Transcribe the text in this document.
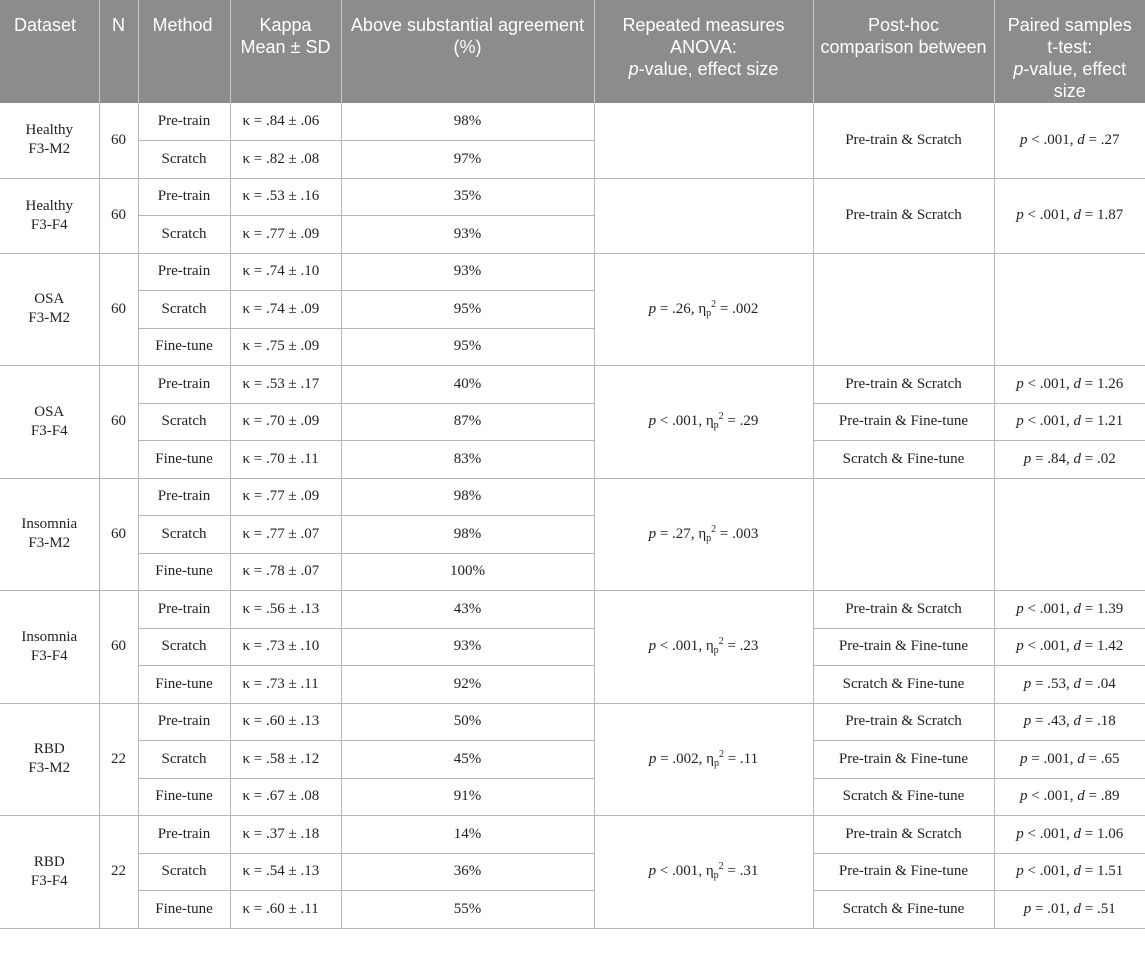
Dataset	N	Method	Kappa Mean ± SD	Above substantial agreement (%)	Repeated measures ANOVA:
p-value, effect size	Post-hoc comparison between	Paired samples t-test:
p-value, effect size
Healthy
F3-M2	60	Pre-train	κ = .84 ± .06	98%		Pre-train & Scratch	p < .001, d = .27
		Scratch	κ = .82 ± .08	97%			
Healthy
F3-F4	60	Pre-train	κ = .53 ± .16	35%		Pre-train & Scratch	p < .001, d = 1.87
		Scratch	κ = .77 ± .09	93%			
OSA
F3-M2	60	Pre-train	κ = .74 ± .10	93%	p = .26, $\eta_p^2 = .002$		
		Scratch	κ = .74 ± .09	95%			
		Fine-tune	κ = .75 ± .09	95%			
OSA
F3-F4	60	Pre-train	κ = .53 ± .17	40%	p < .001, $\eta_p^2 = .29$	Pre-train & Scratch	p < .001, d = 1.26
		Scratch	κ = .70 ± .09	87%		Pre-train & Fine-tune	p < .001, d = 1.21
		Fine-tune	κ = .70 ± .11	83%		Scratch & Fine-tune	p = .84, d = .02
Insomnia
F3-M2	60	Pre-train	κ = .77 ± .09	98%	p = .27, $\eta_p^2 = .003$		
		Scratch	κ = .77 ± .07	98%			
		Fine-tune	κ = .78 ± .07	100%			
Insomnia
F3-F4	60	Pre-train	κ = .56 ± .13	43%	p < .001, $\eta_p^2 = .23$	Pre-train & Scratch	p < .001, d = 1.39
		Scratch	κ = .73 ± .10	93%		Pre-train & Fine-tune	p < .001, d = 1.42
		Fine-tune	κ = .73 ± .11	92%		Scratch & Fine-tune	p = .53, d = .04
RBD
F3-M2	22	Pre-train	κ = .60 ± .13	50%	p = .002, $\eta_p^2 = .11$	Pre-train & Scratch	p = .43, d = .18
		Scratch	κ = .58 ± .12	45%		Pre-train & Fine-tune	p = .001, d = .65
		Fine-tune	κ = .67 ± .08	91%		Scratch & Fine-tune	p < .001, d = .89
RBD
F3-F4	22	Pre-train	κ = .37 ± .18	14%	p < .001, $\eta_p^2 = .31$	Pre-train & Scratch	p < .001, d = 1.06
		Scratch	κ = .54 ± .13	36%		Pre-train & Fine-tune	p < .001, d = 1.51
		Fine-tune	κ = .60 ± .11	55%		Scratch & Fine-tune	p = .01, d = .51
